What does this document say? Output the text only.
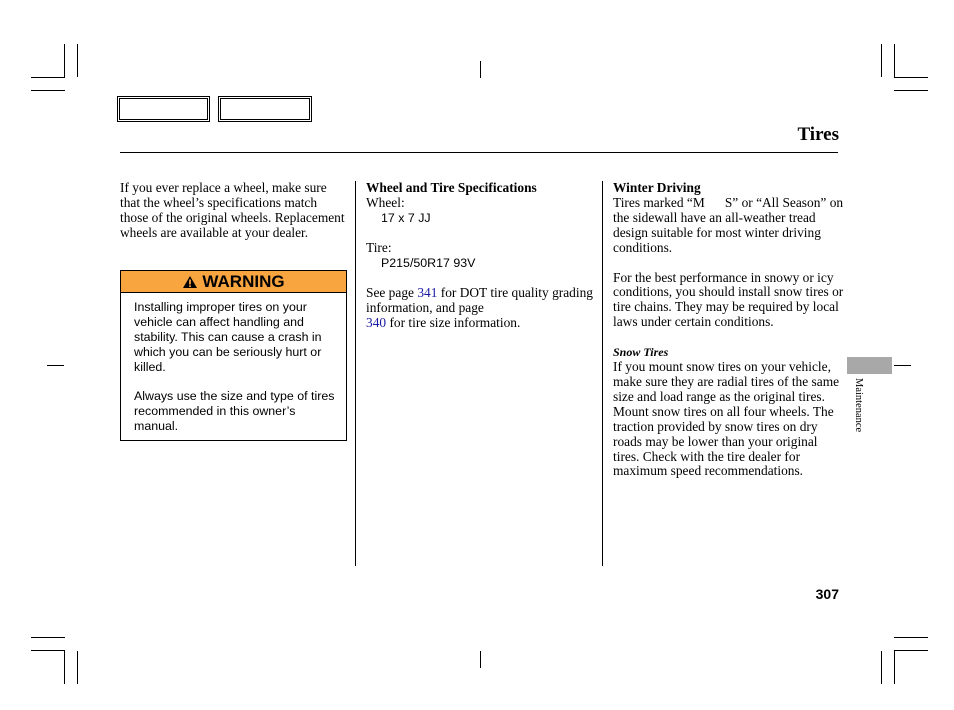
Tires

If you ever replace a wheel, make sure that the wheel’s specifications match those of the original wheels. Replacement wheels are available at your dealer.

WARNING

Installing improper tires on your vehicle can affect handling and stability. This can cause a crash in which you can be seriously hurt or killed.

Always use the size and type of tires recommended in this owner’s manual.

Wheel and Tire Specifications

Wheel:

17 x 7 JJ

Tire:

P215/50R17 93V

See page 341 for DOT tire quality grading information, and page
340 for tire size information.

Winter Driving

Tires marked “M      S” or “All Season” on the sidewall have an all-weather tread design suitable for most winter driving conditions.

For the best performance in snowy or icy conditions, you should install snow tires or tire chains. They may be required by local laws under certain conditions.

Snow Tires

If you mount snow tires on your vehicle, make sure they are radial tires of the same size and load range as the original tires. Mount snow tires on all four wheels. The traction provided by snow tires on dry roads may be lower than your original tires. Check with the tire dealer for maximum speed recommendations.

Maintenance
307
